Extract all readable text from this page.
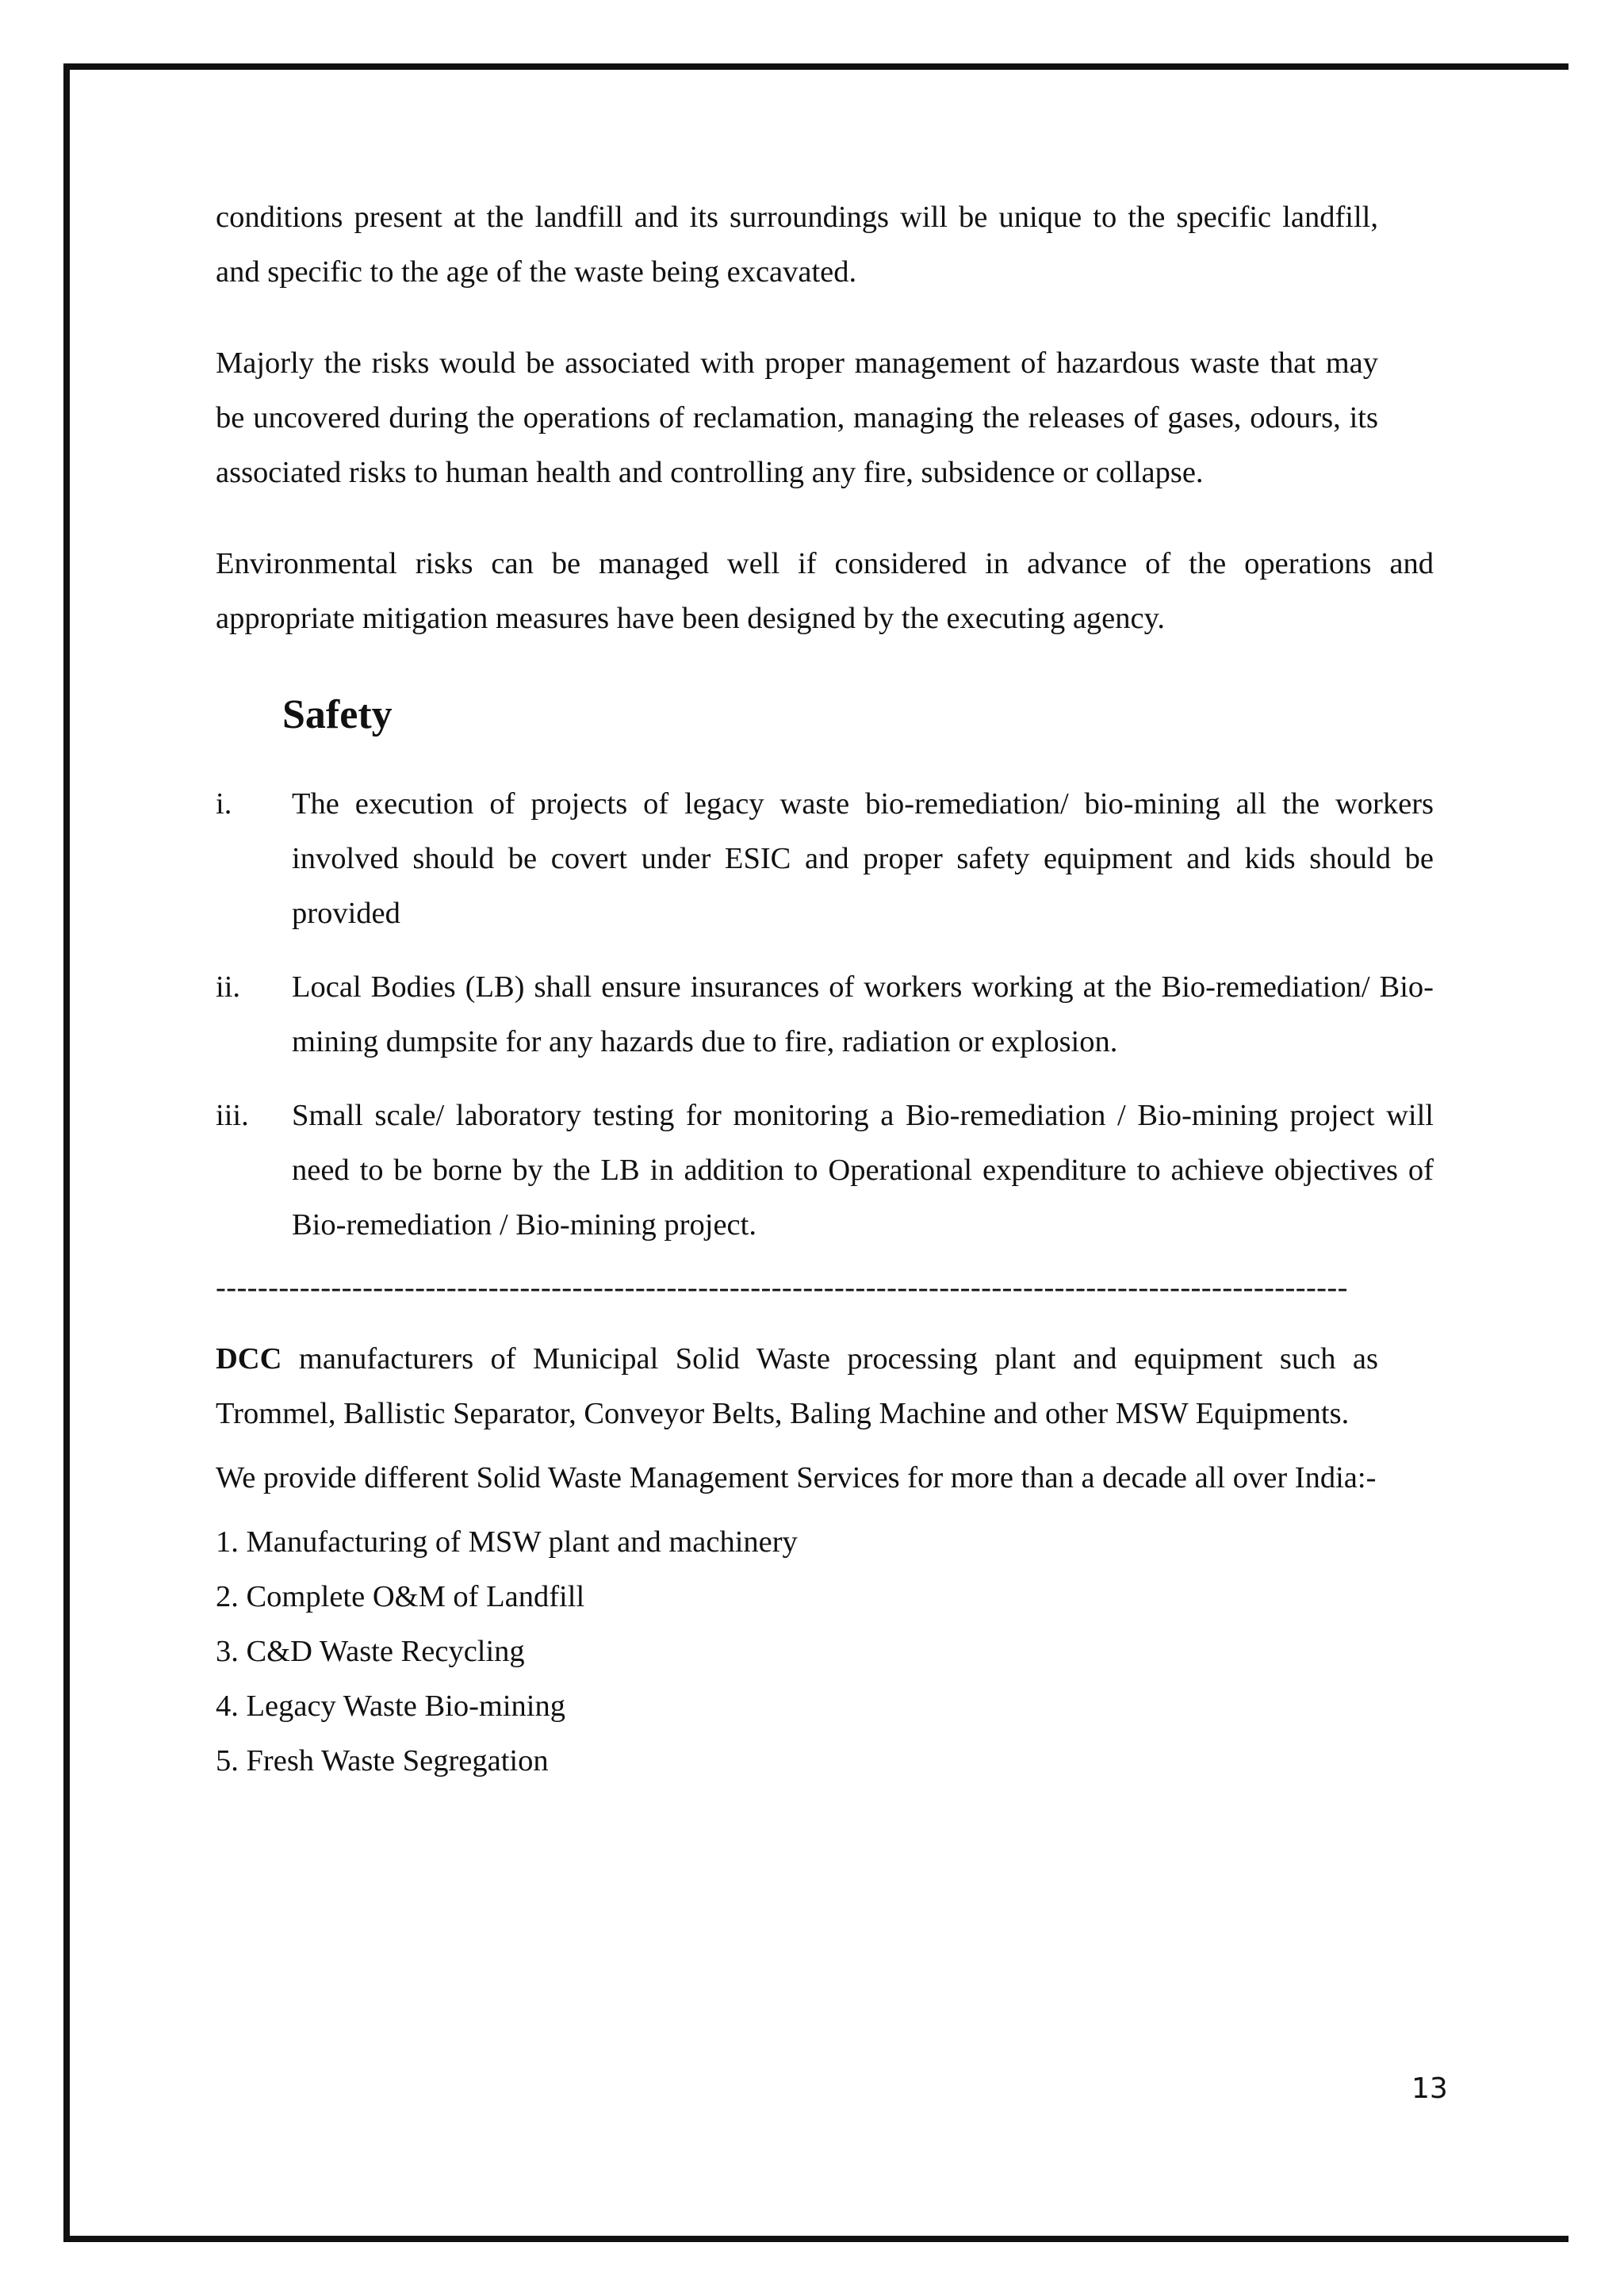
conditions present at the landfill and its surroundings will be unique to the specific landfill, and specific to the age of the waste being excavated.

Majorly the risks would be associated with proper management of hazardous waste that may be uncovered during the operations of reclamation, managing the releases of gases, odours, its associated risks to human health and controlling any fire, subsidence or collapse.

Environmental risks can be managed well if considered in advance of the operations and appropriate mitigation measures have been designed by the executing agency.

Safety
i. The execution of projects of legacy waste bio-remediation/ bio-mining all the workers involved should be covert under ESIC and proper safety equipment and kids should be provided
ii. Local Bodies (LB) shall ensure insurances of workers working at the Bio-remediation/ Bio-mining dumpsite for any hazards due to fire, radiation or explosion.
iii. Small scale/ laboratory testing for monitoring a Bio-remediation / Bio-mining project will need to be borne by the LB in addition to Operational expenditure to achieve objectives of Bio-remediation / Bio-mining project.
------------------------------------------------------------------------------------------------------------

DCC manufacturers of Municipal Solid Waste processing plant and equipment such as Trommel, Ballistic Separator, Conveyor Belts, Baling Machine and other MSW Equipments.

We provide different Solid Waste Management Services for more than a decade all over India:-

1. Manufacturing of MSW plant and machinery
2. Complete O&M of Landfill
3. C&D Waste Recycling
4. Legacy Waste Bio-mining
5. Fresh Waste Segregation
13
